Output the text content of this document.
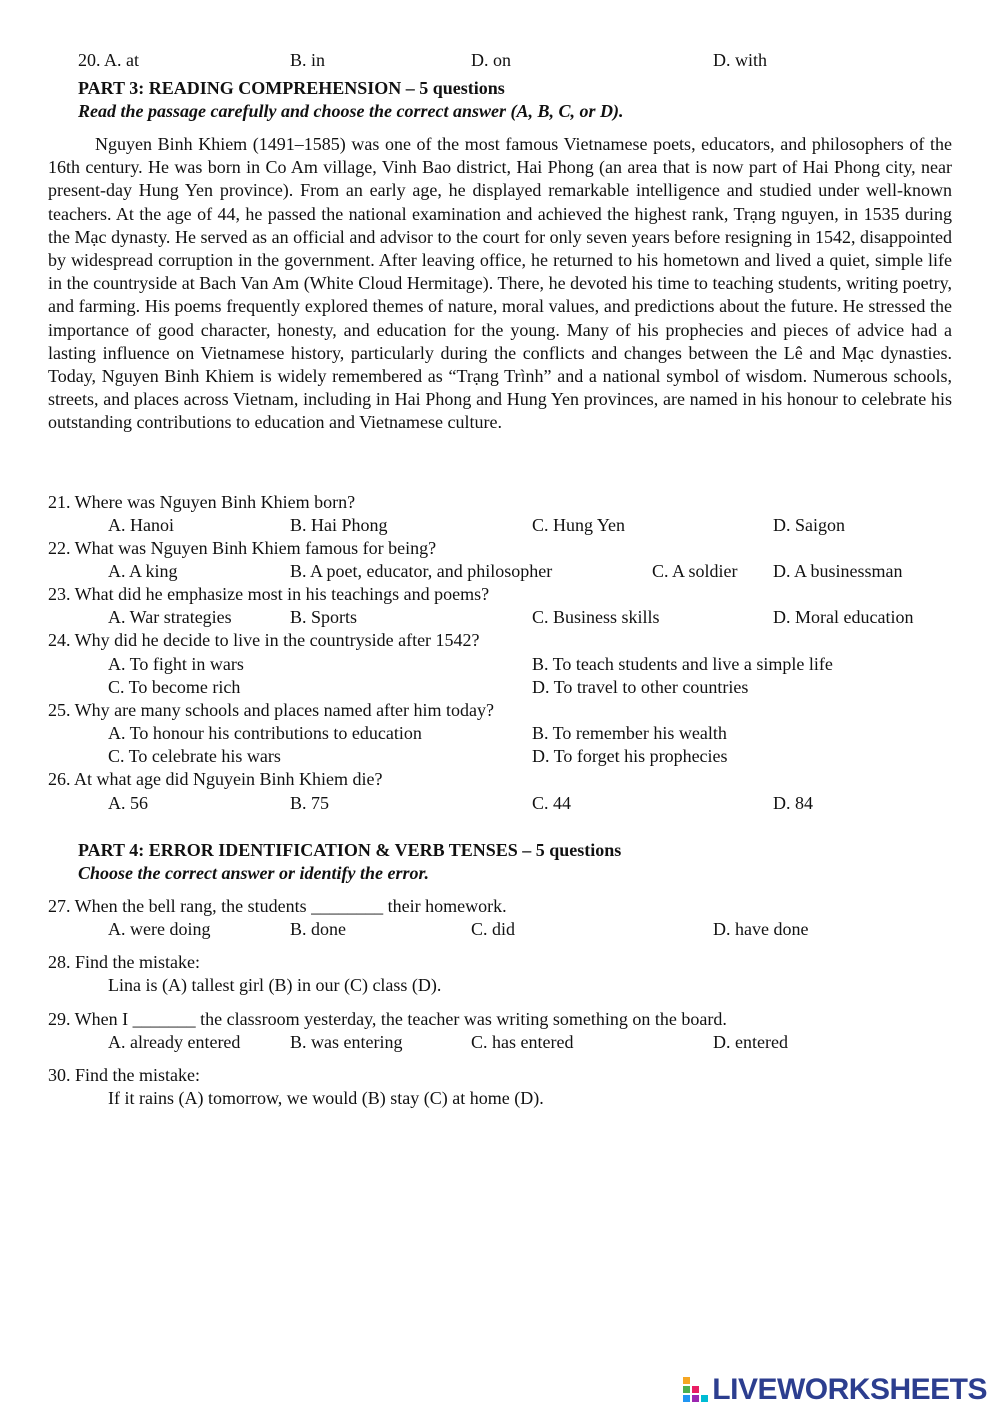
20. A. at	B. in	D. on	D. with
PART 3: READING COMPREHENSION – 5 questions
Read the passage carefully and choose the correct answer (A, B, C, or D).

Nguyen Binh Khiem (1491–1585) was one of the most famous Vietnamese poets, educators, and philosophers of the 16th century. He was born in Co Am village, Vinh Bao district, Hai Phong (an area that is now part of Hai Phong city, near present-day Hung Yen province). From an early age, he displayed remarkable intelligence and studied under well-known teachers. At the age of 44, he passed the national examination and achieved the highest rank, Trạng nguyen, in 1535 during the Mạc dynasty. He served as an official and advisor to the court for only seven years before resigning in 1542, disappointed by widespread corruption in the government. After leaving office, he returned to his hometown and lived a quiet, simple life in the countryside at Bach Van Am (White Cloud Hermitage). There, he devoted his time to teaching students, writing poetry, and farming. His poems frequently explored themes of nature, moral values, and predictions about the future. He stressed the importance of good character, honesty, and education for the young. Many of his prophecies and pieces of advice had a lasting influence on Vietnamese history, particularly during the conflicts and changes between the Lê and Mạc dynasties. Today, Nguyen Binh Khiem is widely remembered as “Trạng Trình” and a national symbol of wisdom. Numerous schools, streets, and places across Vietnam, including in Hai Phong and Hung Yen provinces, are named in his honour to celebrate his outstanding contributions to education and Vietnamese culture.

21. Where was Nguyen Binh Khiem born?
A. Hanoi	B. Hai Phong	C. Hung Yen	D. Saigon
22. What was Nguyen Binh Khiem famous for being?
A. A king	B. A poet, educator, and philosopher	C. A soldier D. A businessman
23. What did he emphasize most in his teachings and poems?
A. War strategies	B. Sports	C. Business skills	D. Moral education
24. Why did he decide to live in the countryside after 1542?
A. To fight in wars	B. To teach students and live a simple life
C. To become rich	D. To travel to other countries
25. Why are many schools and places named after him today?
A. To honour his contributions to education	B. To remember his wealth
C. To celebrate his wars	D. To forget his prophecies
26. At what age did Nguyein Binh Khiem die?
A. 56	B. 75	C. 44	D. 84
PART 4: ERROR IDENTIFICATION & VERB TENSES – 5 questions
Choose the correct answer or identify the error.
27. When the bell rang, the students ________ their homework.
A. were doing	B. done	C. did	D. have done
28. Find the mistake:
Lina is (A) tallest girl (B) in our (C) class (D).
29. When I _______ the classroom yesterday, the teacher was writing something on the board.
A. already entered	B. was entering	C. has entered	D. entered
30. Find the mistake:
If it rains (A) tomorrow, we would (B) stay (C) at home (D).
LIVEWORKSHEETS
